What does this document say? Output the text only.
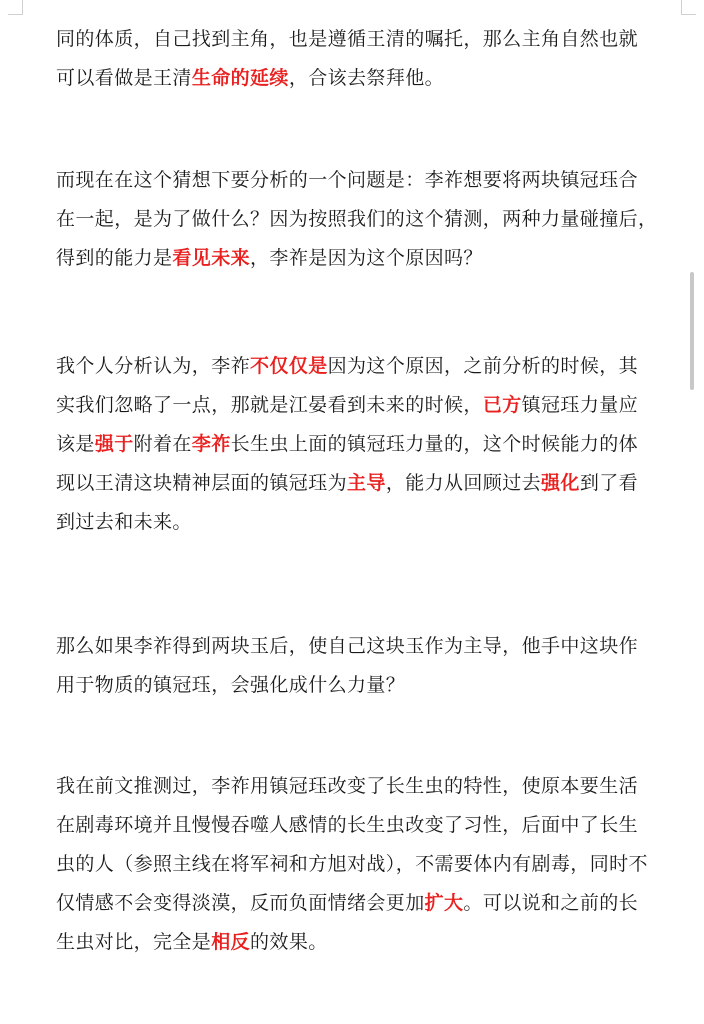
同的体质，自己找到主角，也是遵循王清的嘱托，那么主角自然也就
可以看做是王清生命的延续，合该去祭拜他。

而现在在这个猜想下要分析的一个问题是：李祚想要将两块镇冠珏合
在一起，是为了做什么？因为按照我们的这个猜测，两种力量碰撞后，
得到的能力是看见未来，李祚是因为这个原因吗？

我个人分析认为，李祚不仅仅是因为这个原因，之前分析的时候，其
实我们忽略了一点，那就是江晏看到未来的时候，已方镇冠珏力量应
该是强于附着在李祚长生虫上面的镇冠珏力量的，这个时候能力的体
现以王清这块精神层面的镇冠珏为主导，能力从回顾过去强化到了看
到过去和未来。

那么如果李祚得到两块玉后，使自己这块玉作为主导，他手中这块作
用于物质的镇冠珏，会强化成什么力量？

我在前文推测过，李祚用镇冠珏改变了长生虫的特性，使原本要生活
在剧毒环境并且慢慢吞噬人感情的长生虫改变了习性，后面中了长生
虫的人（参照主线在将军祠和方旭对战），不需要体内有剧毒，同时不
仅情感不会变得淡漠，反而负面情绪会更加扩大。可以说和之前的长
生虫对比，完全是相反的效果。
